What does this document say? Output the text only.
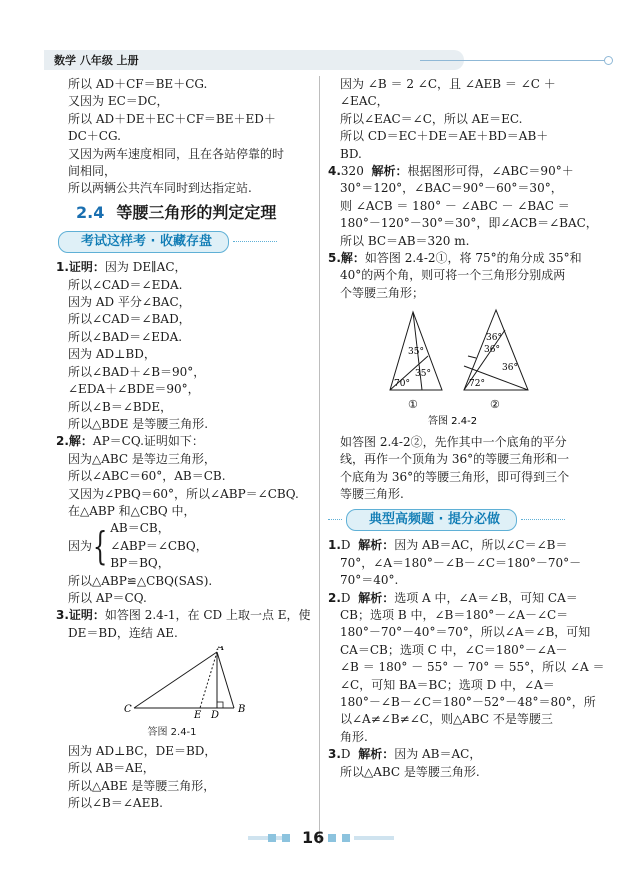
数学 八年级 上册
所以 AD＋CF＝BE＋CG.
又因为 EC＝DC，
所以 AD＋DE＋EC＋CF＝BE＋ED＋
DC＋CG.
又因为两车速度相同，且在各站停靠的时
间相同，
所以两辆公共汽车同时到达指定站.
2.4 等腰三角形的判定定理
考试这样考 · 收藏存盘
1.证明：因为 DE∥AC，
所以∠CAD＝∠EDA.
因为 AD 平分∠BAC，
所以∠CAD＝∠BAD，
所以∠BAD＝∠EDA.
因为 AD⊥BD，
所以∠BAD＋∠B＝90°，
∠EDA＋∠BDE＝90°，
所以∠B＝∠BDE，
所以△BDE 是等腰三角形.
2.解：AP＝CQ.证明如下：
因为△ABC 是等边三角形，
所以∠ABC＝60°，AB＝CB.
又因为∠PBQ＝60°，所以∠ABP＝∠CBQ.
在△ABP 和△CBQ 中，
因为 { AB＝CB，
∠ABP＝∠CBQ，
BP＝BQ，
所以△ABP≌△CBQ(SAS).
所以 AP＝CQ.
3.证明：如答图 2.4-1，在 CD 上取一点 E，使
DE＝BD，连结 AE.
A
C
E D
B
答图 2.4-1
因为 AD⊥BC，DE＝BD，
所以 AB＝AE，
所以△ABE 是等腰三角形，
所以∠B＝∠AEB.
因为 ∠B ＝ 2 ∠C，且 ∠AEB ＝ ∠C ＋
∠EAC，
所以∠EAC＝∠C，所以 AE＝EC.
所以 CD＝EC＋DE＝AE＋BD＝AB＋
BD.
4.320 解析：根据图形可得，∠ABC＝90°＋
30°＝120°，∠BAC＝90°－60°＝30°，
则 ∠ACB ＝ 180° － ∠ABC － ∠BAC ＝
180°－120°－30°＝30°，即∠ACB＝∠BAC，
所以 BC＝AB＝320 m.
5.解：如答图 2.4-2①，将 75°的角分成 35°和
40°的两个角，则可将一个三角形分别成两
个等腰三角形；
35°
35°
70°
①
36°
36°
36°
72°
②
答图 2.4-2
如答图 2.4-2②，先作其中一个底角的平分
线，再作一个顶角为 36°的等腰三角形和一
个底角为 36°的等腰三角形，即可得到三个
等腰三角形.
典型高频题 · 提分必做
1.D 解析：因为 AB＝AC，所以∠C＝∠B＝
70°，∠A＝180°－∠B－∠C＝180°－70°－
70°＝40°.
2.D 解析：选项 A 中，∠A＝∠B，可知 CA＝
CB；选项 B 中，∠B＝180°－∠A－∠C＝
180°－70°－40°＝70°，所以∠A＝∠B，可知
CA＝CB；选项 C 中，∠C＝180°－∠A－
∠B ＝ 180° － 55° － 70° ＝ 55°，所以 ∠A ＝
∠C，可知 BA＝BC；选项 D 中，∠A＝
180°－∠B－∠C＝180°－52°－48°＝80°，所
以∠A≠∠B≠∠C，则△ABC 不是等腰三
角形.
3.D 解析：因为 AB＝AC，
所以△ABC 是等腰三角形.
16
